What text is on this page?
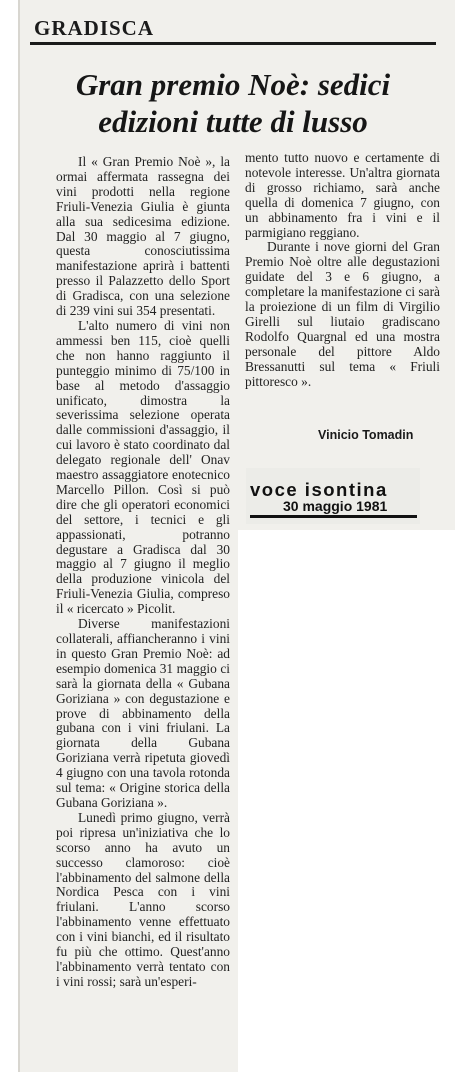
GRADISCA
Gran premio Noè: sedici edizioni tutte di lusso

Il « Gran Premio Noè », la ormai affermata rassegna dei vini prodotti nella regione Friuli-Venezia Giulia è giunta alla sua sedicesima edizione. Dal 30 maggio al 7 giugno, questa conosciutissima manifestazione aprirà i battenti presso il Palazzetto dello Sport di Gradisca, con una selezione di 239 vini sui 354 presentati.

L'alto numero di vini non ammessi ben 115, cioè quelli che non hanno raggiunto il punteggio minimo di 75/100 in base al metodo d'assaggio unificato, dimostra la severissima selezione operata dalle commissioni d'assaggio, il cui lavoro è stato coordinato dal delegato regionale dell' Onav maestro assaggiatore enotecnico Marcello Pillon. Così si può dire che gli operatori economici del settore, i tecnici e gli appassionati, potranno degustare a Gradisca dal 30 maggio al 7 giugno il meglio della produzione vinicola del Friuli-Venezia Giulia, compreso il « ricercato » Picolit.

Diverse manifestazioni collaterali, affiancheranno i vini in questo Gran Premio Noè: ad esempio domenica 31 maggio ci sarà la giornata della « Gubana Goriziana » con degustazione e prove di abbinamento della gubana con i vini friulani. La giornata della Gubana Goriziana verrà ripetuta giovedì 4 giugno con una tavola rotonda sul tema: « Origine storica della Gubana Goriziana ».

Lunedì primo giugno, verrà poi ripresa un'iniziativa che lo scorso anno ha avuto un successo clamoroso: cioè l'abbinamento del salmone della Nordica Pesca con i vini friulani. L'anno scorso l'abbinamento venne effettuato con i vini bianchi, ed il risultato fu più che ottimo. Quest'anno l'abbinamento verrà tentato con i vini rossi; sarà un'esperi-

mento tutto nuovo e certamente di notevole interesse. Un'altra giornata di grosso richiamo, sarà anche quella di domenica 7 giugno, con un abbinamento fra i vini e il parmigiano reggiano.

Durante i nove giorni del Gran Premio Noè oltre alle degustazioni guidate del 3 e 6 giugno, a completare la manifestazione ci sarà la proiezione di un film di Virgilio Girelli sul liutaio gradiscano Rodolfo Quargnal ed una mostra personale del pittore Aldo Bressanutti sul tema « Friuli pittoresco ».

Vinicio Tomadin
voce isontina
30 maggio 1981
